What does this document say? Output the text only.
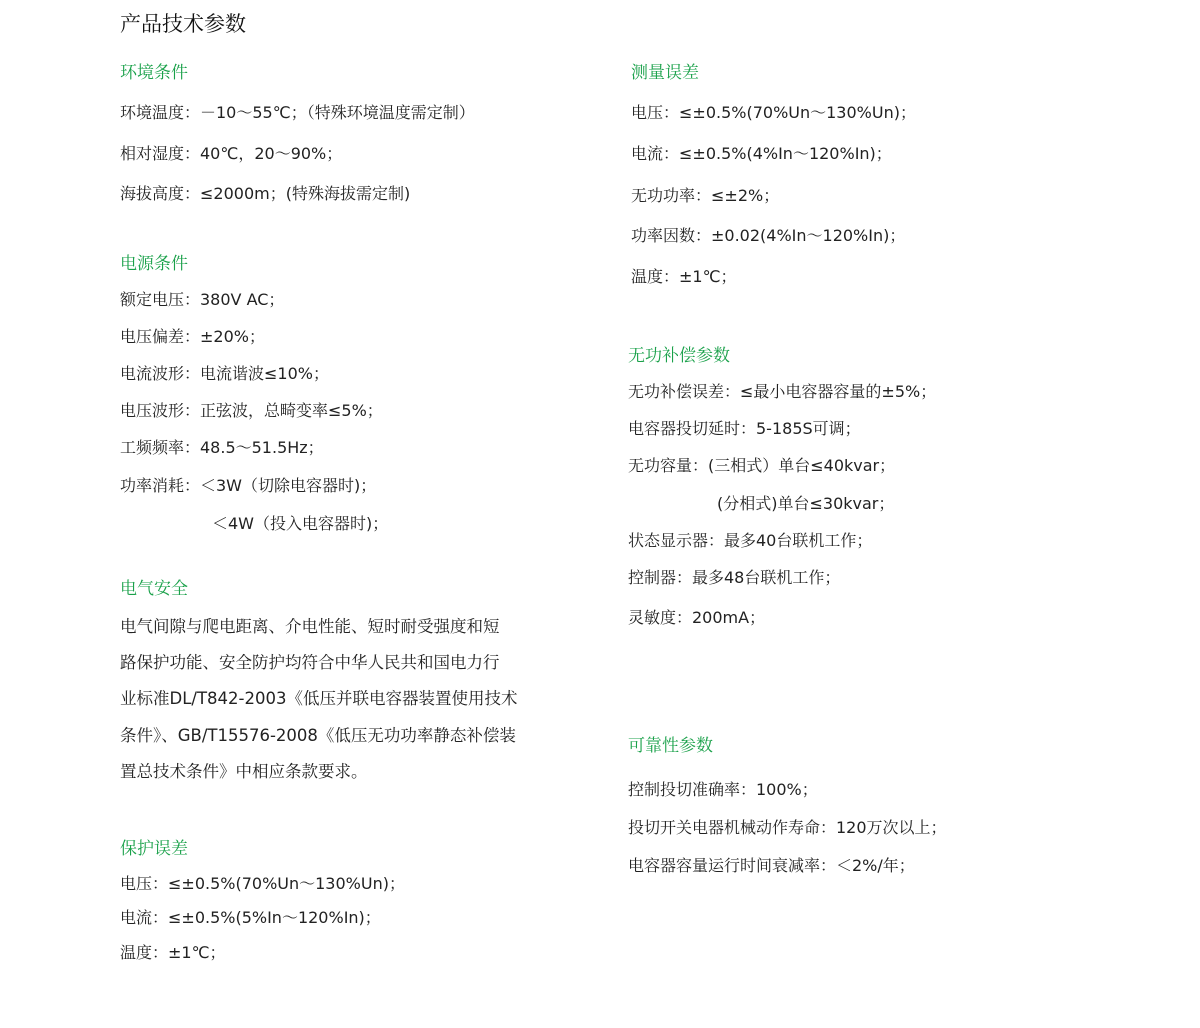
产品技术参数
环境条件
环境温度：－10～55℃；（特殊环境温度需定制）
相对湿度：40℃，20～90%；
海拔高度：≤2000m；(特殊海拔需定制)
电源条件
额定电压：380V AC；
电压偏差：±20%；
电流波形：电流谐波≤10%；
电压波形：正弦波，总畸变率≤5%；
工频频率：48.5～51.5Hz；
功率消耗：＜3W（切除电容器时)；
＜4W（投入电容器时)；
电气安全
电气间隙与爬电距离、介电性能、短时耐受强度和短
路保护功能、安全防护均符合中华人民共和国电力行
业标准DL/T842-2003《低压并联电容器装置使用技术
条件》、GB/T15576-2008《低压无功功率静态补偿装
置总技术条件》中相应条款要求。
保护误差
电压：≤±0.5%(70%Un～130%Un)；
电流：≤±0.5%(5%In～120%In)；
温度：±1℃；
测量误差
电压：≤±0.5%(70%Un～130%Un)；
电流：≤±0.5%(4%In～120%In)；
无功功率：≤±2%；
功率因数：±0.02(4%In～120%In)；
温度：±1℃；
无功补偿参数
无功补偿误差：≤最小电容器容量的±5%；
电容器投切延时：5-185S可调；
无功容量：(三相式）单台≤40kvar；
(分相式)单台≤30kvar；
状态显示器：最多40台联机工作；
控制器：最多48台联机工作；
灵敏度：200mA；
可靠性参数
控制投切准确率：100%；
投切开关电器机械动作寿命：120万次以上；
电容器容量运行时间衰减率：＜2%/年；
